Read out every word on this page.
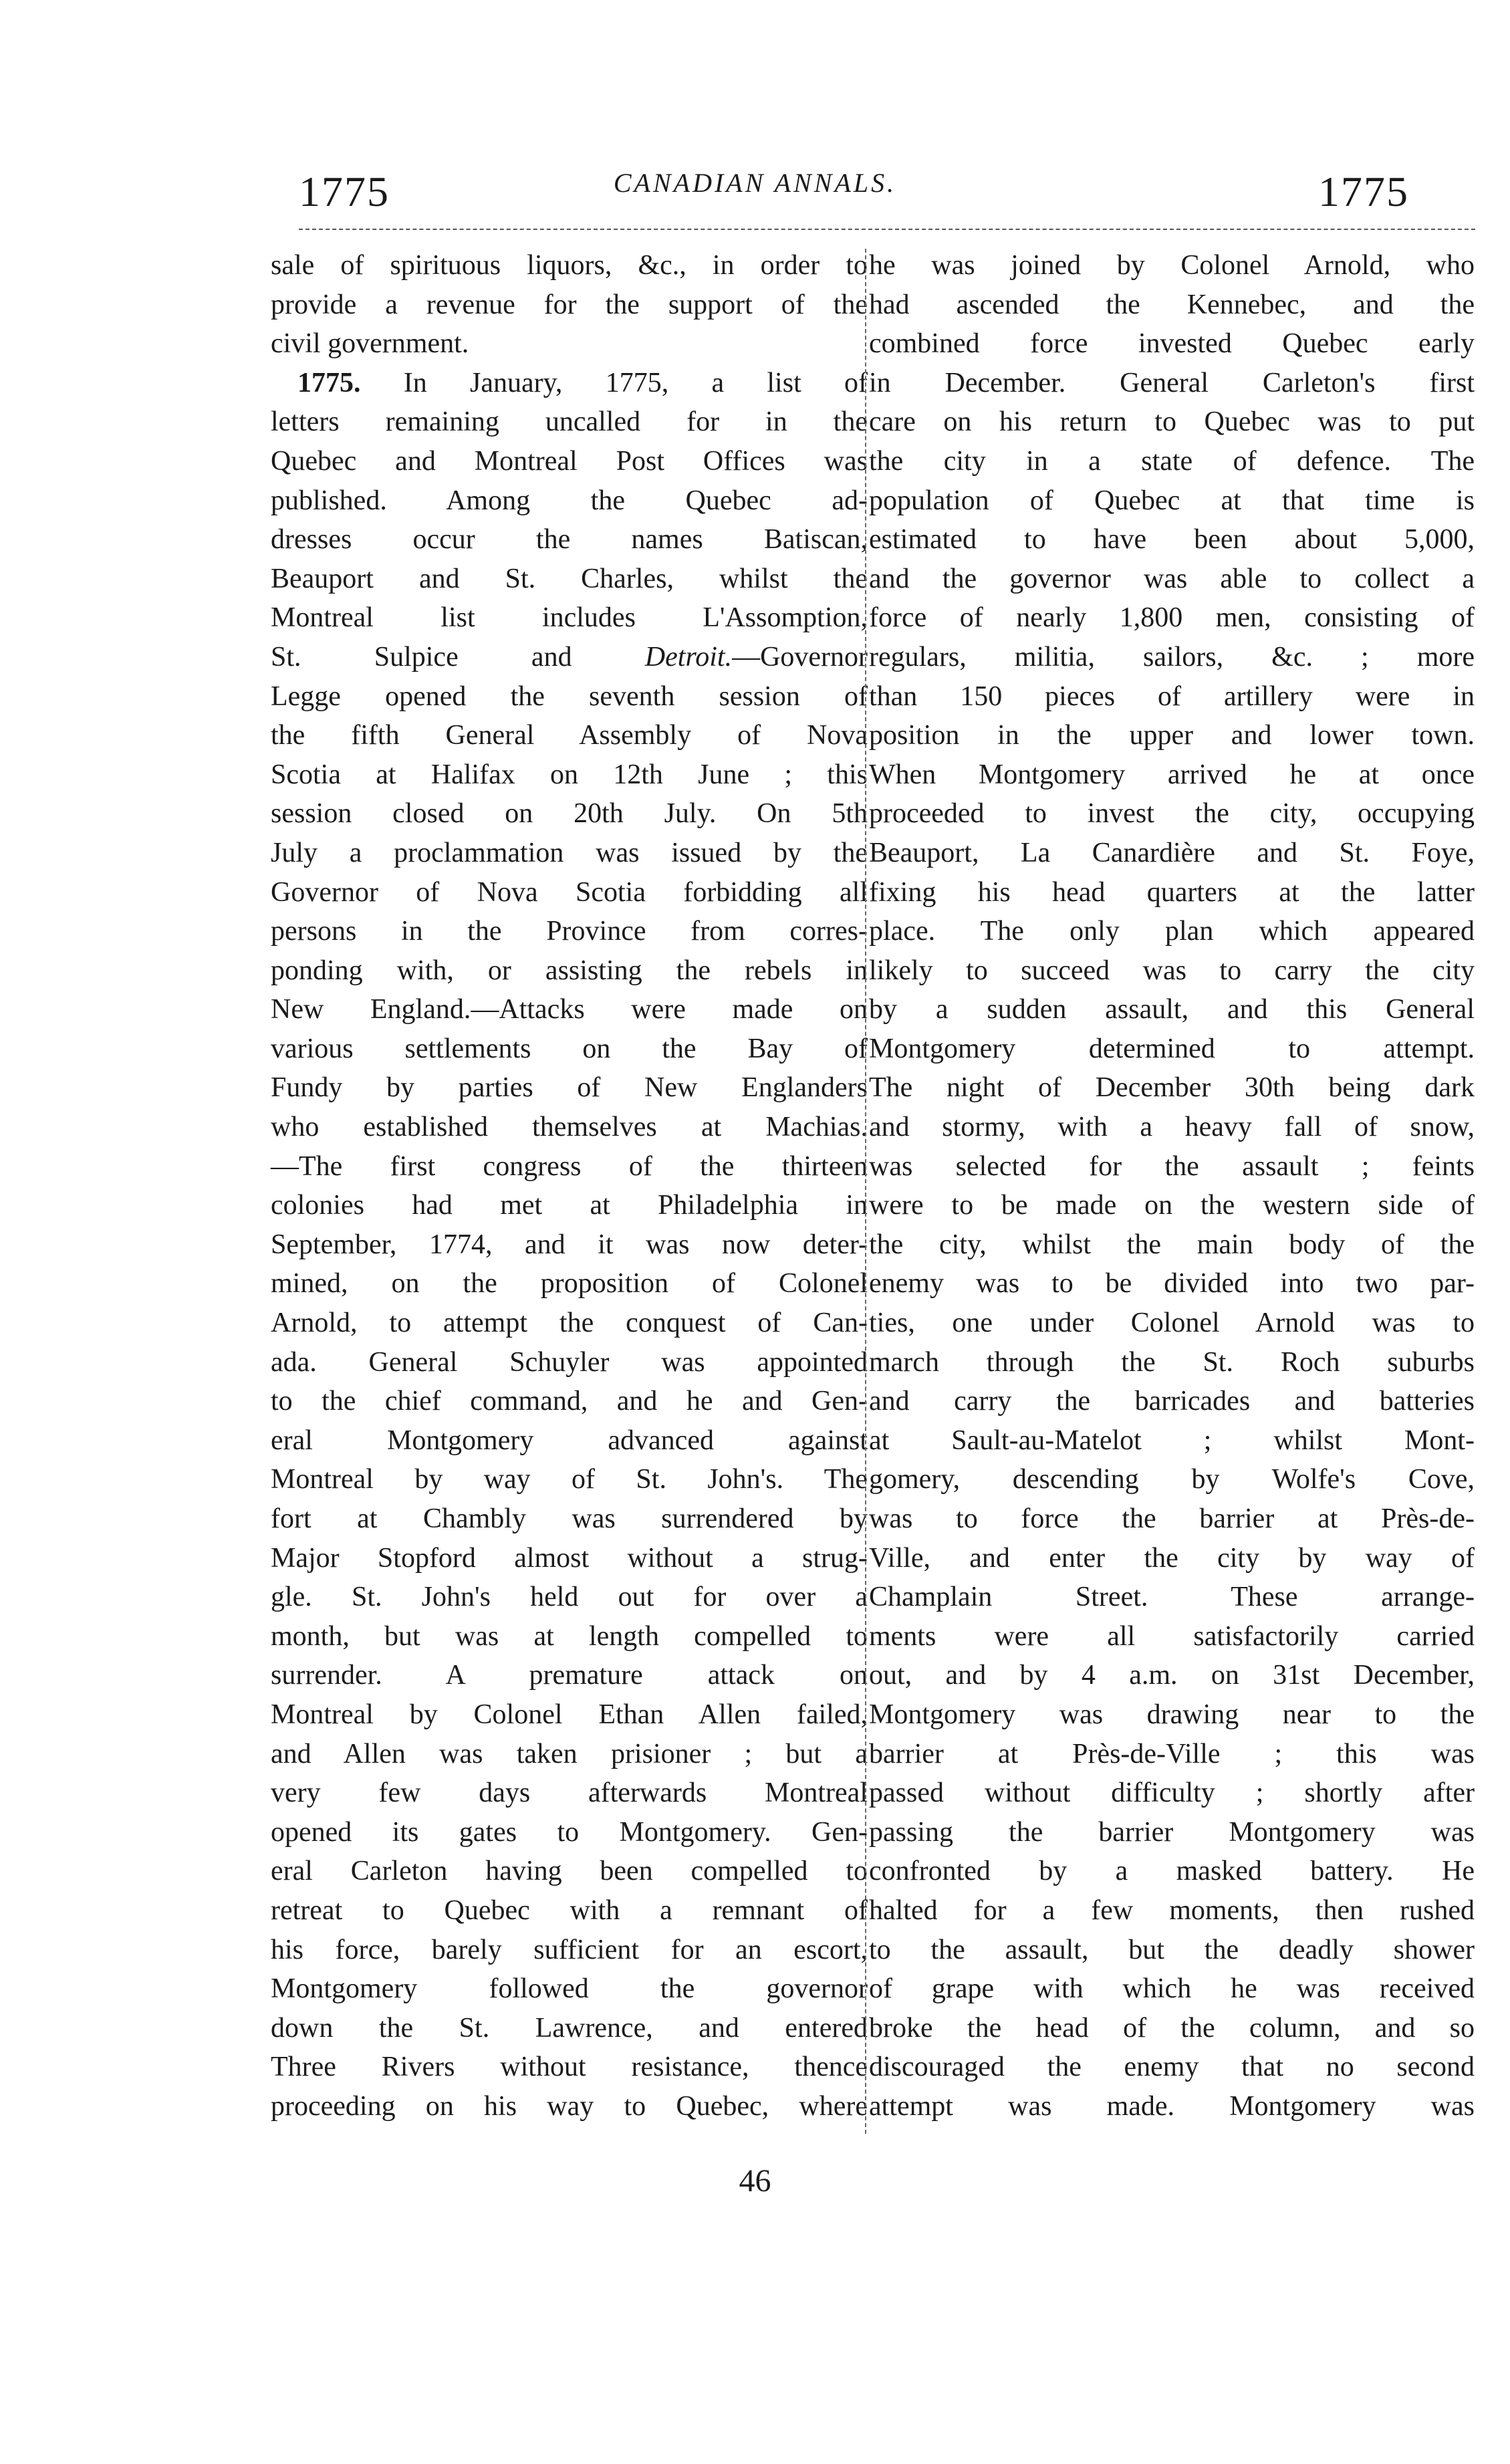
1775	CANADIAN ANNALS.	1775
sale of spirituous liquors, &c., in order to
provide a revenue for the support of the
civil government.
1775. In January, 1775, a list of
letters remaining uncalled for in the
Quebec and Montreal Post Offices was
published. Among the Quebec ad-
dresses occur the names Batiscan,
Beauport and St. Charles, whilst the
Montreal list includes L'Assomption,
St. Sulpice and	Detroit.—Governor
Legge opened the seventh session of
the fifth General Assembly of Nova
Scotia at Halifax on 12th June ; this
session closed on 20th July. On 5th
July a proclammation was issued by the
Governor of Nova Scotia forbidding all
persons in the Province from corres-
ponding with, or assisting the rebels in
New England.—Attacks were made on
various settlements on the Bay of
Fundy by parties of New Englanders
who established themselves at Machias.
—The first congress of the thirteen
colonies had met at Philadelphia in
September, 1774, and it was now deter-
mined, on the proposition of Colonel
Arnold, to attempt the conquest of Can-
ada. General Schuyler was appointed
to the chief command, and he and Gen-
eral Montgomery advanced against
Montreal by way of St. John's. The
fort at Chambly was surrendered by
Major Stopford almost without a strug-
gle. St. John's held out for over a
month, but was at length compelled to
surrender. A premature attack on
Montreal by Colonel Ethan Allen failed,
and Allen was taken prisioner ; but a
very few days afterwards Montreal
opened its gates to Montgomery. Gen-
eral Carleton having been compelled to
retreat to Quebec with a remnant of
his force, barely sufficient for an escort,
Montgomery followed the governor
down the St. Lawrence, and entered
Three Rivers without resistance, thence
proceeding on his way to Quebec, where
he was joined by Colonel Arnold, who
had ascended the Kennebec, and the
combined force invested Quebec early
in December. General Carleton's first
care on his return to Quebec was to put
the city in a state of defence. The
population of Quebec at that time is
estimated to have been about 5,000,
and the governor was able to collect a
force of nearly 1,800 men, consisting of
regulars, militia, sailors, &c. ; more
than 150 pieces of artillery were in
position in the upper and lower town.
When Montgomery arrived he at once
proceeded to invest the city, occupying
Beauport, La Canardière and St. Foye,
fixing his head quarters at the latter
place. The only plan which appeared
likely to succeed was to carry the city
by a sudden assault, and this General
Montgomery determined to attempt.
The night of December 30th being dark
and stormy, with a heavy fall of snow,
was selected for the assault ; feints
were to be made on the western side of
the city, whilst the main body of the
enemy was to be divided into two par-
ties, one under Colonel Arnold was to
march through the St. Roch suburbs
and carry the barricades and batteries
at Sault-au-Matelot ; whilst Mont-
gomery, descending by Wolfe's Cove,
was to force the barrier at Près-de-
Ville, and enter the city by way of
Champlain Street. These arrange-
ments were all satisfactorily carried
out, and by 4 a.m. on 31st December,
Montgomery was drawing near to the
barrier at Près-de-Ville ; this was
passed without difficulty ; shortly after
passing the barrier Montgomery was
confronted by a masked battery. He
halted for a few moments, then rushed
to the assault, but the deadly shower
of grape with which he was received
broke the head of the column, and so
discouraged the enemy that no second
attempt was made. Montgomery was
46
